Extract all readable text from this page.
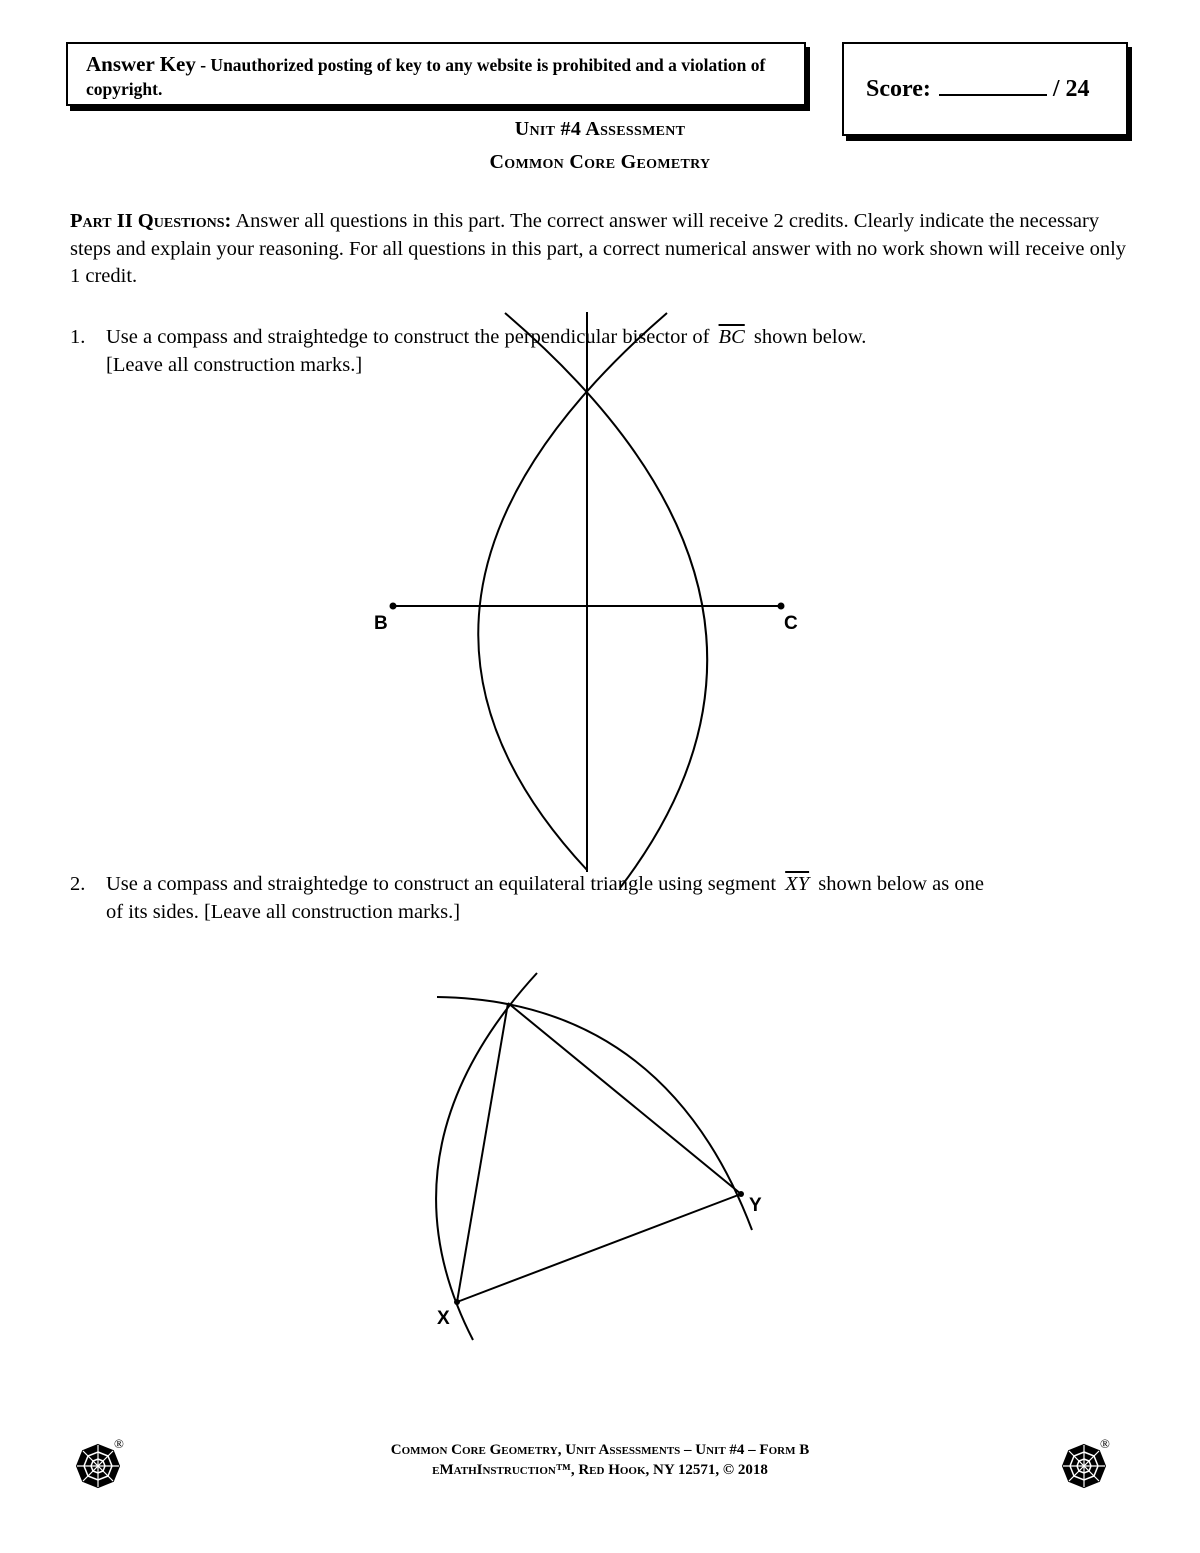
Answer Key - Unauthorized posting of key to any website is prohibited and a violation of copyright.	Score:	/ 24
Unit #4 Assessment
Common Core Geometry
Part II Questions: Answer all questions in this part. The correct answer will receive 2 credits. Clearly indicate the necessary steps and explain your reasoning. For all questions in this part, a correct numerical answer with no work shown will receive only 1 credit.
1. Use a compass and straightedge to construct the perpendicular bisector of $\overline{BC}$ shown below.
[Leave all construction marks.]
B	C
2. Use a compass and straightedge to construct an equilateral triangle using segment $\overline{XY}$ shown below as one
of its sides. [Leave all construction marks.]
X
Y
®	®
Common Core Geometry, Unit Assessments – Unit #4 – Form B
eMathInstruction™, Red Hook, NY 12571, © 2018
